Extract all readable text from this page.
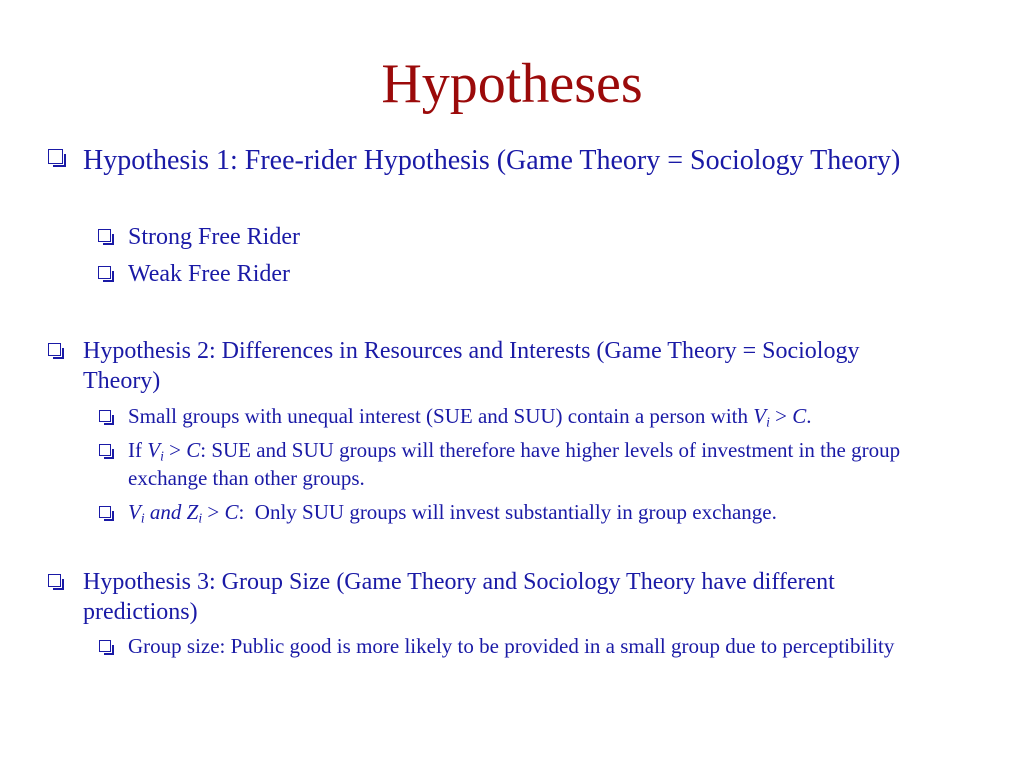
Hypotheses
Hypothesis 1: Free-rider Hypothesis (Game Theory = Sociology Theory)
Strong Free Rider
Weak Free Rider
Hypothesis 2: Differences in Resources and Interests (Game Theory = Sociology Theory)
Small groups with unequal interest (SUE and SUU) contain a person with $V_i > C$.
If $V_i > C$: SUE and SUU groups will therefore have higher levels of investment in the group exchange than other groups.
$V_i$ and $Z_i > C$:  Only SUU groups will invest substantially in group exchange.
Hypothesis 3: Group Size (Game Theory and Sociology Theory have different predictions)
Group size: Public good is more likely to be provided in a small group due to perceptibility
